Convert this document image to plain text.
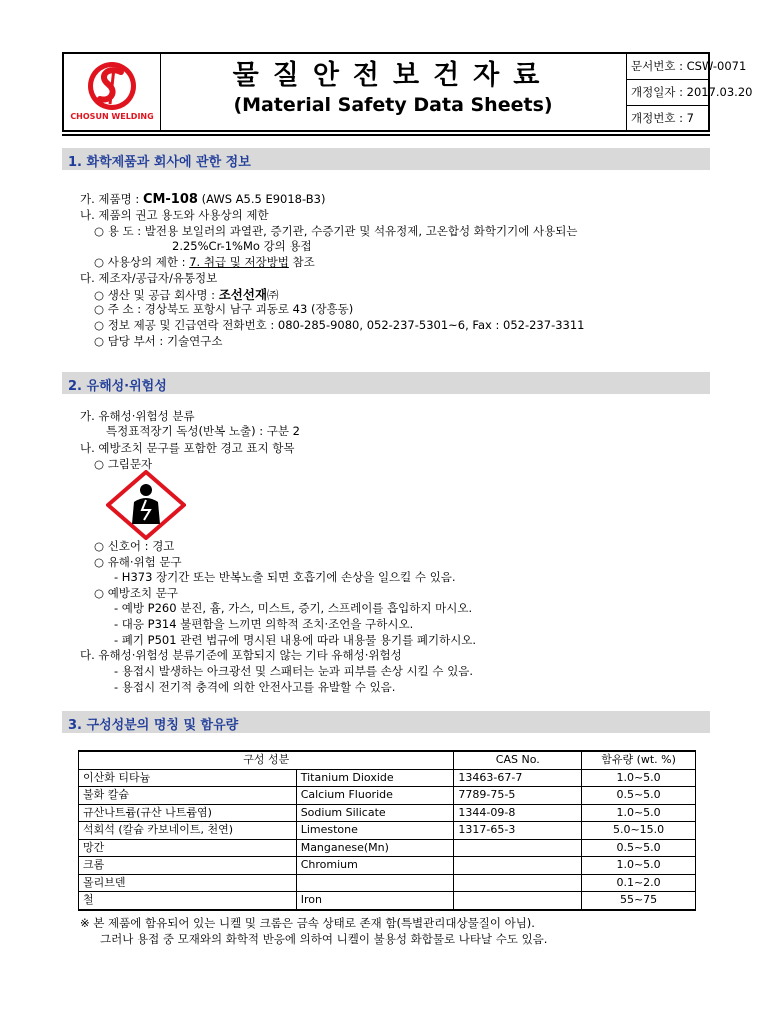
CHOSUN WELDING
물질안전보건자료
(Material Safety Data Sheets)
문서번호 : CSW-0071
개정일자 : 2017.03.20
개정번호 : 7
1. 화학제품과 회사에 관한 정보
가. 제품명 : CM-108 (AWS A5.5 E9018-B3)
나. 제품의 권고 용도와 사용상의 제한
○ 용 도 : 발전용 보일러의 과열관, 증기관, 수증기관 및 석유정제, 고온합성 화학기기에 사용되는
2.25%Cr-1%Mo 강의 용접
○ 사용상의 제한 : 7. 취급 및 저장방법 참조
다. 제조자/공급자/유통정보
○ 생산 및 공급 회사명 : 조선선재㈜
○ 주 소 : 경상북도 포항시 남구 괴동로 43 (장흥동)
○ 정보 제공 및 긴급연락 전화번호 : 080-285-9080, 052-237-5301~6, Fax : 052-237-3311
○ 담당 부서 : 기술연구소
2. 유해성·위험성
가. 유해성·위험성 분류
특정표적장기 독성(반복 노출) : 구분 2
나. 예방조치 문구를 포함한 경고 표지 항목
○ 그림문자
○ 신호어 : 경고
○ 유해·위험 문구
- H373 장기간 또는 반복노출 되면 호흡기에 손상을 일으킬 수 있음.
○ 예방조치 문구
- 예방 P260 분진, 흄, 가스, 미스트, 증기, 스프레이를 흡입하지 마시오.
- 대응 P314 불편함을 느끼면 의학적 조치·조언을 구하시오.
- 폐기 P501 관련 법규에 명시된 내용에 따라 내용물 용기를 폐기하시오.
다. 유해성·위험성 분류기준에 포함되지 않는 기타 유해성·위험성
- 용접시 발생하는 아크광선 및 스패터는 눈과 피부를 손상 시킬 수 있음.
- 용접시 전기적 충격에 의한 안전사고를 유발할 수 있음.
3. 구성성분의 명칭 및 함유량
구성 성분		CAS No.	함유량 (wt. %)
이산화 티타늄	Titanium Dioxide	13463-67-7	1.0~5.0
불화 칼슘	Calcium Fluoride	7789-75-5	0.5~5.0
규산나트륨(규산 나트륨염)	Sodium Silicate	1344-09-8	1.0~5.0
석회석 (칼슘 카보네이트, 천연)	Limestone	1317-65-3	5.0~15.0
망간	Manganese(Mn)		0.5~5.0
크롬	Chromium		1.0~5.0
몰리브덴			0.1~2.0
철	Iron		55~75
※ 본 제품에 함유되어 있는 니켈 및 크롬은 금속 상태로 존재 함(특별관리대상물질이 아님).
그러나 용접 중 모재와의 화학적 반응에 의하여 니켈이 불용성 화합물로 나타날 수도 있음.
